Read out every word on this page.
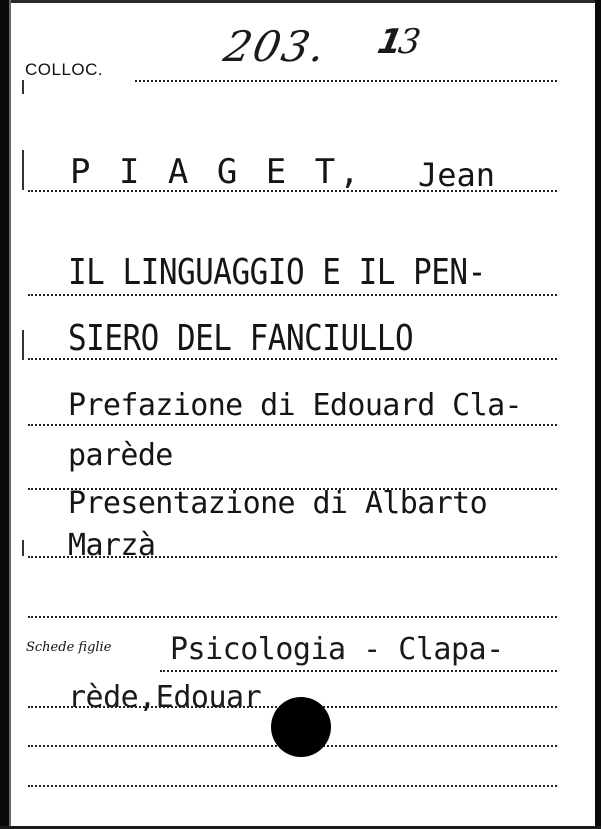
COLLOC.	203. 𝟭3
P I A G E T, Jean
IL LINGUAGGIO E IL PEN-
SIERO DEL FANCIULLO
Prefazione di Edouard Cla-
parède
Presentazione di Albarto
Marzà
Schede figlie Psicologia - Clapa-
rède,Edouar
